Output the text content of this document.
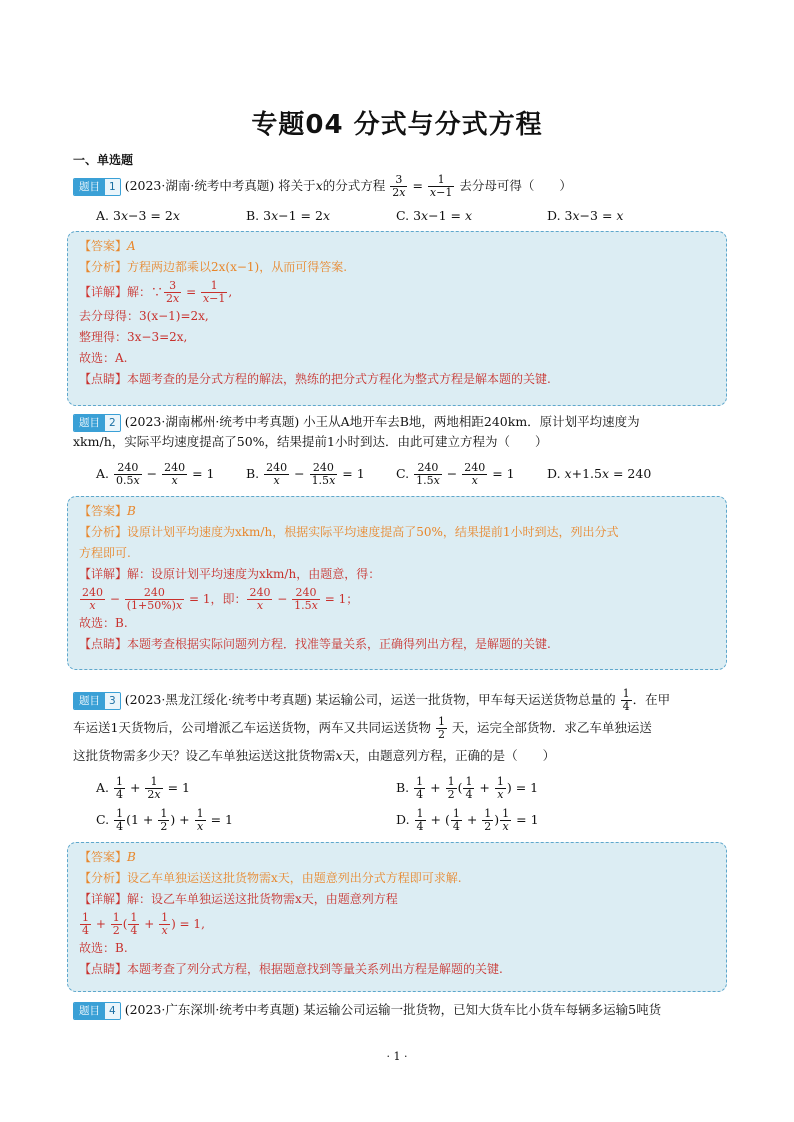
专题04 分式与分式方程
一、单选题
题目 1 (2023·湖南·统考中考真题) 将关于x的分式方程 $\frac{3}{2x} = \frac{1}{x-1}$ 去分母可得（　　）
A. 3x−3 = 2x	B. 3x−1 = 2x	C. 3x−1 = x	D. 3x−3 = x
【答案】A
【分析】方程两边都乘以2x(x−1)，从而可得答案.
【详解】解：∵ $\frac{3}{2x} = \frac{1}{x-1}$ ,
去分母得：3(x−1)=2x,
整理得：3x−3=2x,
故选：A.
【点睛】本题考查的是分式方程的解法，熟练的把分式方程化为整式方程是解本题的关键.
题目 2 (2023·湖南郴州·统考中考真题) 小王从A地开车去B地，两地相距240km．原计划平均速度为
xkm/h，实际平均速度提高了50%，结果提前1小时到达．由此可建立方程为（　　）
A. $\frac{240}{0.5x} - \frac{240}{x} = 1$	B. $\frac{240}{x} - \frac{240}{1.5x} = 1$	C. $\frac{240}{1.5x} - \frac{240}{x} = 1$	D. x+1.5x = 240
【答案】B
【分析】设原计划平均速度为xkm/h，根据实际平均速度提高了50%，结果提前1小时到达，列出分式
方程即可.
【详解】解：设原计划平均速度为xkm/h，由题意，得：
$\frac{240}{x} - \frac{240}{(1+50\%)x} = 1$，即： $\frac{240}{x} - \frac{240}{1.5x} = 1$；
故选：B.
【点睛】本题考查根据实际问题列方程．找准等量关系，正确得列出方程，是解题的关键.
题目 3 (2023·黑龙江绥化·统考中考真题) 某运输公司，运送一批货物，甲车每天运送货物总量的 $\frac{1}{4}$ ．在甲
车运送1天货物后，公司增派乙车运送货物，两车又共同运送货物 $\frac{1}{2}$ 天，运完全部货物．求乙车单独运送
这批货物需多少天？设乙车单独运送这批货物需x天，由题意列方程，正确的是（　　）
A. $\frac{1}{4} + \frac{1}{2x} = 1$	B. $\frac{1}{4} + \frac{1}{2}$ ( $\frac{1}{4} + \frac{1}{x}$ ) = 1
C. $\frac{1}{4} (1 + \frac{1}{2}$ ) + $\frac{1}{x} = 1$	D. $\frac{1}{4}$ + ( $\frac{1}{4} + \frac{1}{2}$ ) $\frac{1}{x} = 1$
【答案】B
【分析】设乙车单独运送这批货物需x天，由题意列出分式方程即可求解.
【详解】解：设乙车单独运送这批货物需x天，由题意列方程
$\frac{1}{4} + \frac{1}{2}$ ( $\frac{1}{4} + \frac{1}{x}$ ) = 1,
故选：B.
【点睛】本题考查了列分式方程，根据题意找到等量关系列出方程是解题的关键.
题目 4 (2023·广东深圳·统考中考真题) 某运输公司运输一批货物，已知大货车比小货车每辆多运输5吨货
· 1 ·
